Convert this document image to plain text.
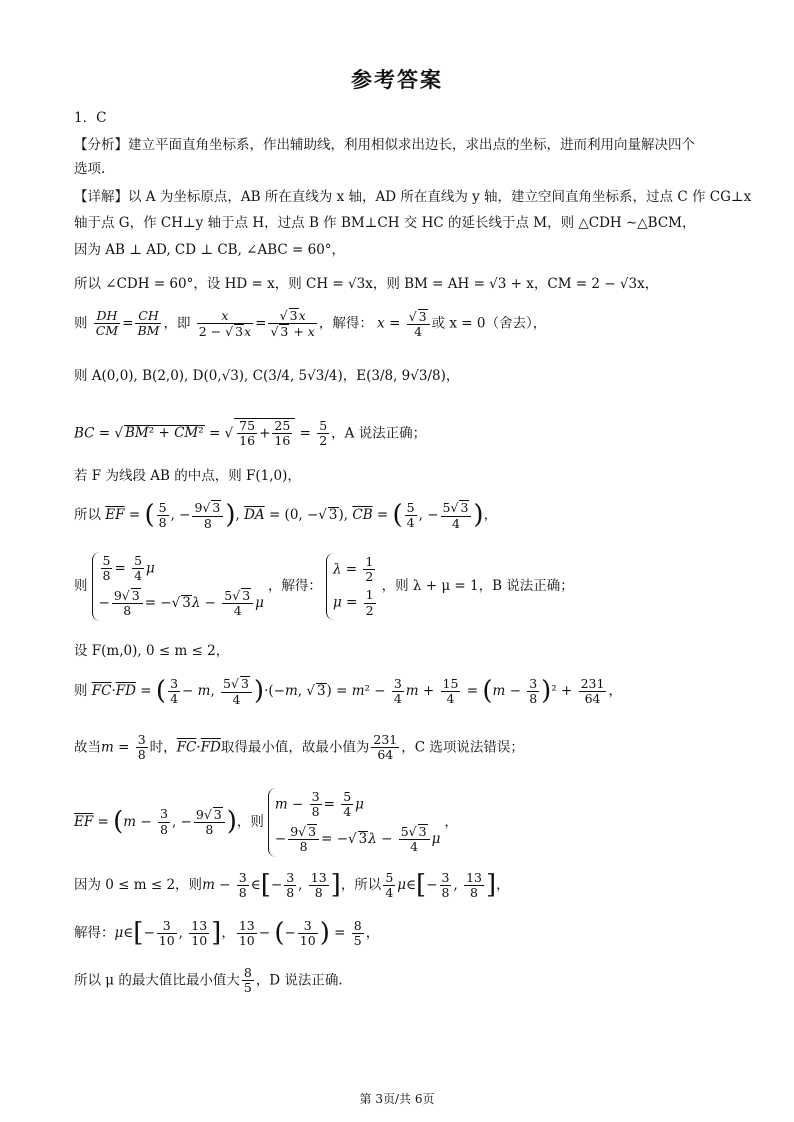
参考答案
1．C
【分析】建立平面直角坐标系，作出辅助线，利用相似求出边长，求出点的坐标，进而利用向量解决四个
选项.
【详解】以 A 为坐标原点，AB 所在直线为 x 轴，AD 所在直线为 y 轴，建立空间直角坐标系，过点 C 作 CG⊥x
轴于点 G，作 CH⊥y 轴于点 H，过点 B 作 BM⊥CH 交 HC 的延长线于点 M，则 △CDH ∼△BCM，
因为 AB ⊥ AD, CD ⊥ CB, ∠ABC = 60°，
所以 ∠CDH = 60°，设 HD = x，则 CH = √3x，则 BM = AH = √3 + x，CM = 2 − √3x，
则 $\frac{DH}{CM} = \frac{CH}{BM}$ ，即 $\frac{x}{2 - √ 3x} = \frac{√ 3x}{√ 3 + x}$ ，解得： $x = \frac{√ 3}{4}$ 或 x = 0（舍去），
则 A(0,0), B(2,0), D(0,√3), C(3/4, 5√3/4)，E(3/8, 9√3/8)，
BC = √ BM² + CM² = √ $\frac{75}{16} + \frac{25}{16} = \frac{5}{2}$ ，A 说法正确；
若 F 为线段 AB 的中点，则 F(1,0)，
所以 $\overline{EF}$ = ( $\frac{5}{8}$ , − $\frac{9√ 3}{8}$ ), $\overline{DA} = (0$, −√ 3), $\overline{CB}$ = ( $\frac{5}{4}$ , − $\frac{5√ 3}{4}$ )，
则
$\frac{5}{8} = \frac{5}{4}$ μ
− $\frac{9√ 3}{8}$ = −√ $3\lambda - \frac{5√ 3}{4}$ μ
，解得：
$\lambda = \frac{1}{2}$
$\mu = \frac{1}{2}$
，则 λ + μ = 1，B 说法正确；
设 F(m,0), 0 ≤ m ≤ 2，
则 $\overline{FC}\cdot\overline{FD}$ = ( $\frac{3}{4} - m$, $\frac{5√ 3}{4} )\cdot(-m$, √ $3) = m^2 - \frac{3}{4}$ $m + \frac{15}{4} = (m - \frac{3}{8} )^2 + \frac{231}{64}$ ，
故当$m = \frac{3}{8}$ 时，$\overline{FC}\cdot\overline{FD}$取得最小值，故最小值为 $\frac{231}{64}$ ，C 选项说法错误；
$\overline{EF} = (m - \frac{3}{8}$ , − $\frac{9√ 3}{8}$ )，则
$m - \frac{3}{8} = \frac{5}{4}$ μ
− $\frac{9√ 3}{8}$ = −√ $3\lambda - \frac{5√ 3}{4}$ μ
，
因为 0 ≤ m ≤ 2，则$m - \frac{3}{8}$ ∈[− $\frac{3}{8}$ , $\frac{13}{8}$ ]，所以 $\frac{5}{4}$ μ∈[− $\frac{3}{8}$ , $\frac{13}{8}$ ]，
解得：μ∈[− $\frac{3}{10}$ , $\frac{13}{10}$ ]， $\frac{13}{10}$ − (− $\frac{3}{10}$ ) = $\frac{8}{5}$ ，
所以 μ 的最大值比最小值大 $\frac{8}{5}$ ，D 说法正确.
第 3页/共 6页
